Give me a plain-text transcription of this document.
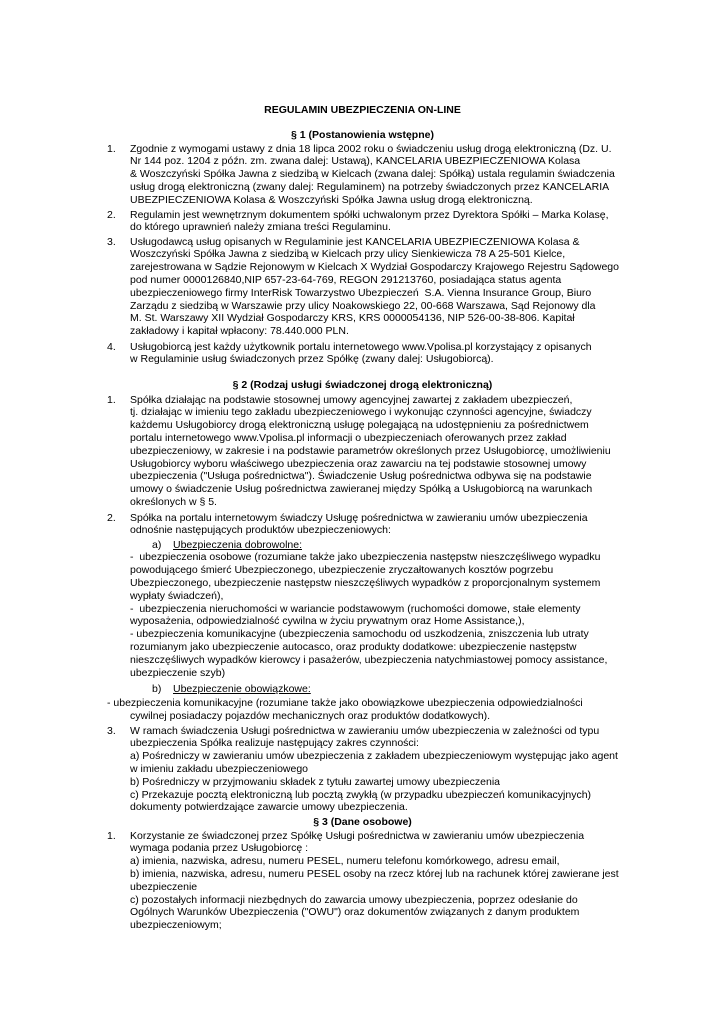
REGULAMIN UBEZPIECZENIA ON-LINE
§ 1 (Postanowienia wstępne)
1. Zgodnie z wymogami ustawy z dnia 18 lipca 2002 roku o świadczeniu usług drogą elektroniczną (Dz. U.
Nr 144 poz. 1204 z późn. zm. zwana dalej: Ustawą), KANCELARIA UBEZPIECZENIOWA Kolasa
& Woszczyński Spółka Jawna z siedzibą w Kielcach (zwana dalej: Spółką) ustala regulamin świadczenia
usług drogą elektroniczną (zwany dalej: Regulaminem) na potrzeby świadczonych przez KANCELARIA
UBEZPIECZENIOWA Kolasa & Woszczyński Spółka Jawna usług drogą elektroniczną.
2. Regulamin jest wewnętrznym dokumentem spółki uchwalonym przez Dyrektora Spółki – Marka Kolasę,
do którego uprawnień należy zmiana treści Regulaminu.
3. Usługodawcą usług opisanych w Regulaminie jest KANCELARIA UBEZPIECZENIOWA Kolasa &
Woszczyński Spółka Jawna z siedzibą w Kielcach przy ulicy Sienkiewicza 78 A 25-501 Kielce,
zarejestrowana w Sądzie Rejonowym w Kielcach X Wydział Gospodarczy Krajowego Rejestru Sądowego
pod numer 0000126840,NIP 657-23-64-769, REGON 291213760, posiadająca status agenta
ubezpieczeniowego firmy InterRisk Towarzystwo Ubezpieczeń  S.A. Vienna Insurance Group, Biuro
Zarządu z siedzibą w Warszawie przy ulicy Noakowskiego 22, 00-668 Warszawa, Sąd Rejonowy dla
M. St. Warszawy XII Wydział Gospodarczy KRS, KRS 0000054136, NIP 526-00-38-806. Kapitał
zakładowy i kapitał wpłacony: 78.440.000 PLN.
4. Usługobiorcą jest każdy użytkownik portalu internetowego www.Vpolisa.pl korzystający z opisanych
w Regulaminie usług świadczonych przez Spółkę (zwany dalej: Usługobiorcą).
§ 2 (Rodzaj usługi świadczonej drogą elektroniczną)
1. Spółka działając na podstawie stosownej umowy agencyjnej zawartej z zakładem ubezpieczeń,
tj. działając w imieniu tego zakładu ubezpieczeniowego i wykonując czynności agencyjne, świadczy
każdemu Usługobiorcy drogą elektroniczną usługę polegającą na udostępnieniu za pośrednictwem
portalu internetowego www.Vpolisa.pl informacji o ubezpieczeniach oferowanych przez zakład
ubezpieczeniowy, w zakresie i na podstawie parametrów określonych przez Usługobiorcę, umożliwieniu
Usługobiorcy wyboru właściwego ubezpieczenia oraz zawarciu na tej podstawie stosownej umowy
ubezpieczenia ("Usługa pośrednictwa"). Świadczenie Usług pośrednictwa odbywa się na podstawie
umowy o świadczenie Usług pośrednictwa zawieranej między Spółką a Usługobiorcą na warunkach
określonych w § 5.
2. Spółka na portalu internetowym świadczy Usługę pośrednictwa w zawieraniu umów ubezpieczenia
odnośnie następujących produktów ubezpieczeniowych:
a) Ubezpieczenia dobrowolne:
-  ubezpieczenia osobowe (rozumiane także jako ubezpieczenia następstw nieszczęśliwego wypadku
powodującego śmierć Ubezpieczonego, ubezpieczenie zryczałtowanych kosztów pogrzebu
Ubezpieczonego, ubezpieczenie następstw nieszczęśliwych wypadków z proporcjonalnym systemem
wypłaty świadczeń),
-  ubezpieczenia nieruchomości w wariancie podstawowym (ruchomości domowe, stałe elementy
wyposażenia, odpowiedzialność cywilna w życiu prywatnym oraz Home Assistance,),
- ubezpieczenia komunikacyjne (ubezpieczenia samochodu od uszkodzenia, zniszczenia lub utraty
rozumianym jako ubezpieczenie autocasco, oraz produkty dodatkowe: ubezpieczenie następstw
nieszczęśliwych wypadków kierowcy i pasażerów, ubezpieczenia natychmiastowej pomocy assistance,
ubezpieczenie szyb)
b) Ubezpieczenie obowiązkowe:
- ubezpieczenia komunikacyjne (rozumiane także jako obowiązkowe ubezpieczenia odpowiedzialności
cywilnej posiadaczy pojazdów mechanicznych oraz produktów dodatkowych).
3. W ramach świadczenia Usługi pośrednictwa w zawieraniu umów ubezpieczenia w zależności od typu
ubezpieczenia Spółka realizuje następujący zakres czynności:
a) Pośredniczy w zawieraniu umów ubezpieczenia z zakładem ubezpieczeniowym występując jako agent
w imieniu zakładu ubezpieczeniowego
b) Pośredniczy w przyjmowaniu składek z tytułu zawartej umowy ubezpieczenia
c) Przekazuje pocztą elektroniczną lub pocztą zwykłą (w przypadku ubezpieczeń komunikacyjnych)
dokumenty potwierdzające zawarcie umowy ubezpieczenia.
§ 3 (Dane osobowe)
1. Korzystanie ze świadczonej przez Spółkę Usługi pośrednictwa w zawieraniu umów ubezpieczenia
wymaga podania przez Usługobiorcę :
a) imienia, nazwiska, adresu, numeru PESEL, numeru telefonu komórkowego, adresu email,
b) imienia, nazwiska, adresu, numeru PESEL osoby na rzecz której lub na rachunek której zawierane jest
ubezpieczenie
c) pozostałych informacji niezbędnych do zawarcia umowy ubezpieczenia, poprzez odesłanie do
Ogólnych Warunków Ubezpieczenia ("OWU") oraz dokumentów związanych z danym produktem
ubezpieczeniowym;
